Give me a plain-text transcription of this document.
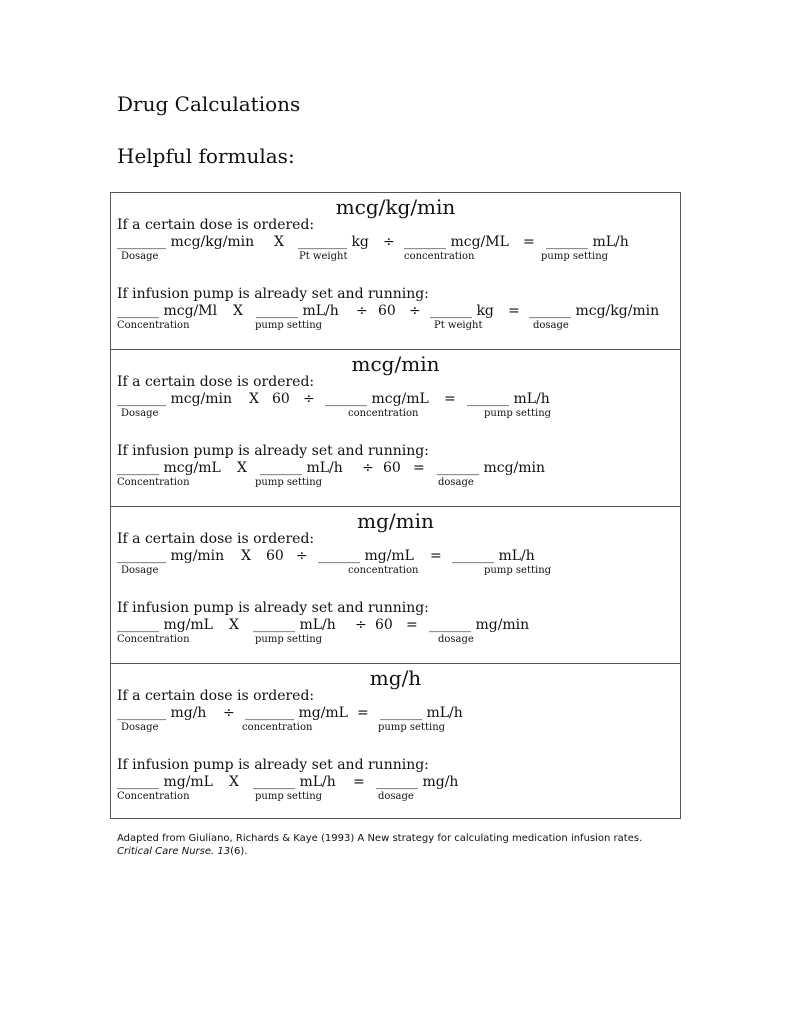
Drug Calculations
Helpful formulas:
mcg/kg/min
If a certain dose is ordered:
_______ mcg/kg/min X _______ kg ÷ ______ mcg/ML = ______ mL/h
Dosage	Pt weight	concentration	pump setting
If infusion pump is already set and running:
______ mcg/Ml X ______ mL/h ÷ 60 ÷ ______ kg = ______ mcg/kg/min
Concentration	pump setting	Pt weight	dosage
mcg/min
If a certain dose is ordered:
_______ mcg/min X 60 ÷ ______ mcg/mL = ______ mL/h
Dosage	concentration	pump setting
If infusion pump is already set and running:
______ mcg/mL X ______ mL/h ÷ 60 = ______ mcg/min
Concentration	pump setting	dosage
mg/min
If a certain dose is ordered:
_______ mg/min X 60 ÷ ______ mg/mL = ______ mL/h
Dosage	concentration	pump setting
If infusion pump is already set and running:
______ mg/mL X ______ mL/h ÷ 60 = ______ mg/min
Concentration	pump setting	dosage
mg/h
If a certain dose is ordered:
_______ mg/h ÷ _______ mg/mL = ______ mL/h
Dosage	concentration	pump setting
If infusion pump is already set and running:
______ mg/mL X ______ mL/h = ______ mg/h
Concentration	pump setting	dosage
Adapted from Giuliano, Richards & Kaye (1993) A New strategy for calculating medication infusion rates.
Critical Care Nurse. 13(6).
